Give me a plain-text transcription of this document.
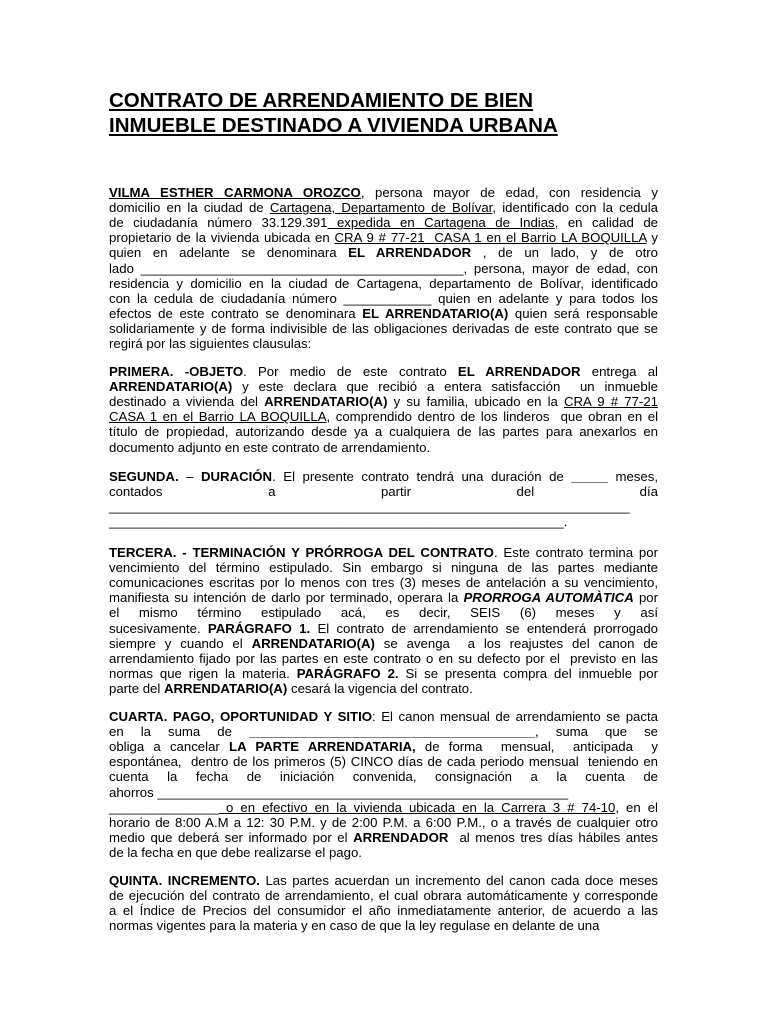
CONTRATO DE ARRENDAMIENTO DE BIEN
INMUEBLE DESTINADO A VIVIENDA URBANA
VILMA ESTHER CARMONA OROZCO, persona mayor de edad, con residencia y
domicilio en la ciudad de Cartagena, Departamento de Bolívar, identificado con la cedula
de ciudadanía número 33.129.391 expedida en Cartagena de Indias, en calidad de
propietario de la vivienda ubicada en CRA 9 # 77-21  CASA 1 en el Barrio LA BOQUILLA y
quien en adelante se denominara EL ARRENDADOR , de un lado, y de otro
lado ____________________________________________, persona, mayor de edad, con
residencia y domicilio en la ciudad de Cartagena, departamento de Bolívar, identificado
con la cedula de ciudadanía número ____________ quien en adelante y para todos los
efectos de este contrato se denominara EL ARRENDATARIO(A) quien será responsable
solidariamente y de forma indivisible de las obligaciones derivadas de este contrato que se
regirá por las siguientes clausulas:
PRIMERA. -OBJETO. Por medio de este contrato EL ARRENDADOR entrega al
ARRENDATARIO(A) y este declara que recibió a entera satisfacción  un inmueble
destinado a vivienda del ARRENDATARIO(A) y su familia, ubicado en la CRA 9 # 77-21
CASA 1 en el Barrio LA BOQUILLA, comprendido dentro de los linderos  que obran en el
título de propiedad, autorizando desde ya a cualquiera de las partes para anexarlos en
documento adjunto en este contrato de arrendamiento.
SEGUNDA. – DURACIÓN. El presente contrato tendrá una duración de _____ meses,
contados          a          partir          del          día
_______________________________________________________________________
______________________________________________________________.
TERCERA. - TERMINACIÓN Y PRÓRROGA DEL CONTRATO. Este contrato termina por
vencimiento del término estipulado. Sin embargo si ninguna de las partes mediante
comunicaciones escritas por lo menos con tres (3) meses de antelación a su vencimiento,
manifiesta su intención de darlo por terminado, operara la PRORROGA AUTOMÀTICA por
el   mismo   término   estipulado   acá,   es   decir,   SEIS   (6)   meses   y   así
sucesivamente. PARÁGRAFO 1. El contrato de arrendamiento se entenderá prorrogado
siempre y cuando el ARRENDATARIO(A) se avenga  a los reajustes del canon de
arrendamiento fijado por las partes en este contrato o en su defecto por el  previsto en las
normas que rigen la materia. PARÁGRAFO 2. Si se presenta compra del inmueble por
parte del ARRENDATARIO(A) cesará la vigencia del contrato.
CUARTA. PAGO, OPORTUNIDAD Y SITIO: El canon mensual de arrendamiento se pacta
en la suma de _______________________________________, suma que se
obliga a cancelar LA PARTE ARRENDATARIA, de forma  mensual,  anticipada  y
espontánea,  dentro de los primeros (5) CINCO días de cada periodo mensual  teniendo en
cuenta    la    fecha    de    iniciación    convenida,    consignación    a    la    cuenta    de
ahorros ________________________________________________________
_______________ o en efectivo en la vivienda ubicada en la Carrera 3 # 74-10, en el
horario de 8:00 A.M a 12: 30 P.M. y de 2:00 P.M. a 6:00 P.M., o a través de cualquier otro
medio que deberá ser informado por el ARRENDADOR  al menos tres días hábiles antes
de la fecha en que debe realizarse el pago.
QUINTA. INCREMENTO. Las partes acuerdan un incremento del canon cada doce meses
de ejecución del contrato de arrendamiento, el cual obrara automáticamente y corresponde
a el Índice de Precios del consumidor el año inmediatamente anterior, de acuerdo a las
normas vigentes para la materia y en caso de que la ley regulase en delante de una
